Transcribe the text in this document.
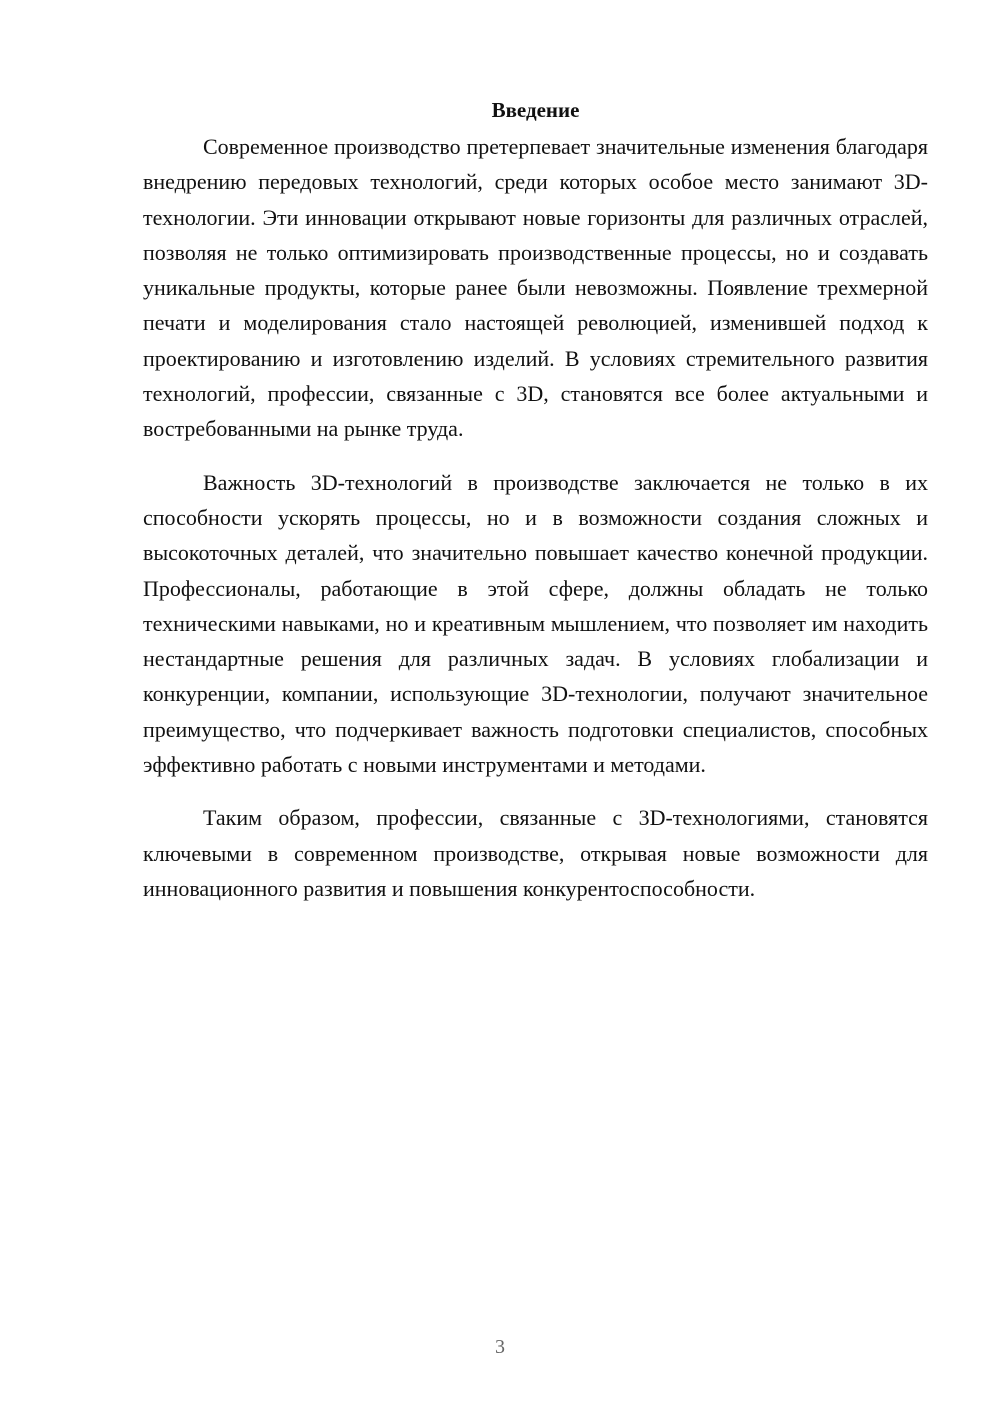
Введение

Современное производство претерпевает значительные изменения благодаря внедрению передовых технологий, среди которых особое место занимают 3D-технологии. Эти инновации открывают новые горизонты для различных отраслей, позволяя не только оптимизировать производственные процессы, но и создавать уникальные продукты, которые ранее были невозможны. Появление трехмерной печати и моделирования стало настоящей революцией, изменившей подход к проектированию и изготовлению изделий. В условиях стремительного развития технологий, профессии, связанные с 3D, становятся все более актуальными и востребованными на рынке труда.

Важность 3D-технологий в производстве заключается не только в их способности ускорять процессы, но и в возможности создания сложных и высокоточных деталей, что значительно повышает качество конечной продукции. Профессионалы, работающие в этой сфере, должны обладать не только техническими навыками, но и креативным мышлением, что позволяет им находить нестандартные решения для различных задач. В условиях глобализации и конкуренции, компании, использующие 3D-технологии, получают значительное преимущество, что подчеркивает важность подготовки специалистов, способных эффективно работать с новыми инструментами и методами.

Таким образом, профессии, связанные с 3D-технологиями, становятся ключевыми в современном производстве, открывая новые возможности для инновационного развития и повышения конкурентоспособности.

3
